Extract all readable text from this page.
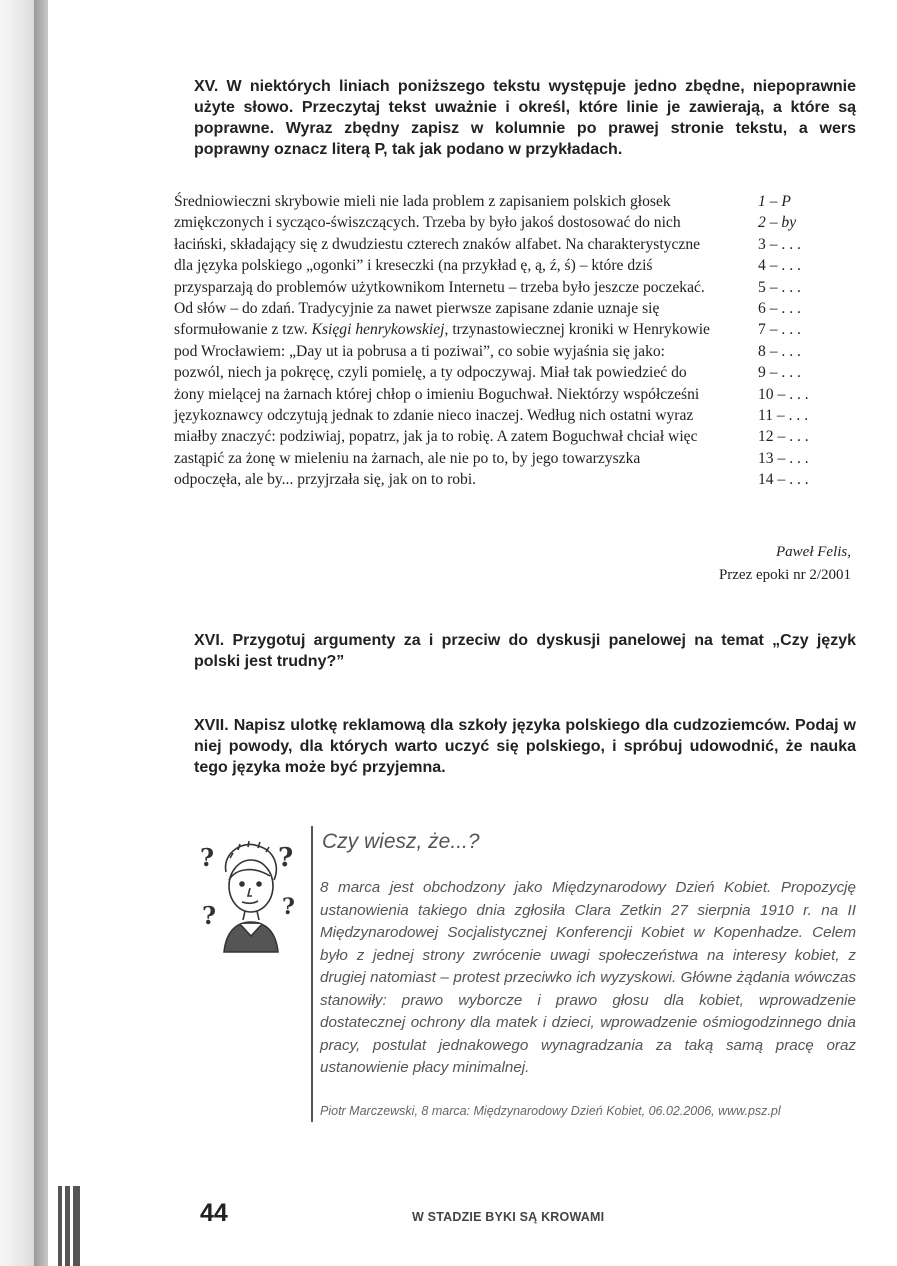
XV. W niektórych liniach poniższego tekstu występuje jedno zbędne, niepoprawnie użyte słowo. Przeczytaj tekst uważnie i określ, które linie je zawierają, a które są poprawne. Wyraz zbędny zapisz w kolumnie po prawej stronie tekstu, a wers poprawny oznacz literą P, tak jak podano w przykładach.

Średniowieczni skrybowie mieli nie lada problem z zapisaniem polskich głosek	1 – P
zmiękczonych i sycząco-świszczących. Trzeba by było jakoś dostosować do nich	2 – by
łaciński, składający się z dwudziestu czterech znaków alfabet. Na charakterystyczne	3 – . . .
dla języka polskiego „ogonki” i kreseczki (na przykład ę, ą, ź, ś) – które dziś	4 – . . .
przysparzają do problemów użytkownikom Internetu – trzeba było jeszcze poczekać.	5 – . . .
Od słów – do zdań. Tradycyjnie za nawet pierwsze zapisane zdanie uznaje się	6 – . . .
sformułowanie z tzw. Księgi henrykowskiej, trzynastowiecznej kroniki w Henrykowie	7 – . . .
pod Wrocławiem: „Day ut ia pobrusa a ti poziwai”, co sobie wyjaśnia się jako:	8 – . . .
pozwól, niech ja pokręcę, czyli pomielę, a ty odpoczywaj. Miał tak powiedzieć do	9 – . . .
żony mielącej na żarnach której chłop o imieniu Boguchwał. Niektórzy współcześni	10 – . . .
językoznawcy odczytują jednak to zdanie nieco inaczej. Według nich ostatni wyraz	11 – . . .
miałby znaczyć: podziwiaj, popatrz, jak ja to robię. A zatem Boguchwał chciał więc	12 – . . .
zastąpić za żonę w mieleniu na żarnach, ale nie po to, by jego towarzyszka	13 – . . .
odpoczęła, ale by... przyjrzała się, jak on to robi.	14 – . . .
Paweł Felis,
Przez epoki nr 2/2001

XVI. Przygotuj argumenty za i przeciw do dyskusji panelowej na temat „Czy język polski jest trudny?”

XVII. Napisz ulotkę reklamową dla szkoły języka polskiego dla cudzoziemców. Podaj w niej powody, dla których warto uczyć się polskiego, i spróbuj udowodnić, że nauka tego języka może być przyjemna.

? ?
?	?

Czy wiesz, że...?

8 marca jest obchodzony jako Międzynarodowy Dzień Kobiet. Propozycję ustanowienia takiego dnia zgłosiła Clara Zetkin 27 sierpnia 1910 r. na II Międzynarodowej Socjalistycznej Konferencji Kobiet w Kopenhadze. Celem było z jednej strony zwrócenie uwagi społeczeństwa na interesy kobiet, z drugiej natomiast – protest przeciwko ich wyzyskowi. Główne żądania wówczas stanowiły: prawo wyborcze i prawo głosu dla kobiet, wprowadzenie dostatecznej ochrony dla matek i dzieci, wprowadzenie ośmiogodzinnego dnia pracy, postulat jednakowego wynagradzania za taką samą pracę oraz ustanowienie płacy minimalnej.

Piotr Marczewski, 8 marca: Międzynarodowy Dzień Kobiet, 06.02.2006, www.psz.pl

44	W STADZIE BYKI SĄ KROWAMI
